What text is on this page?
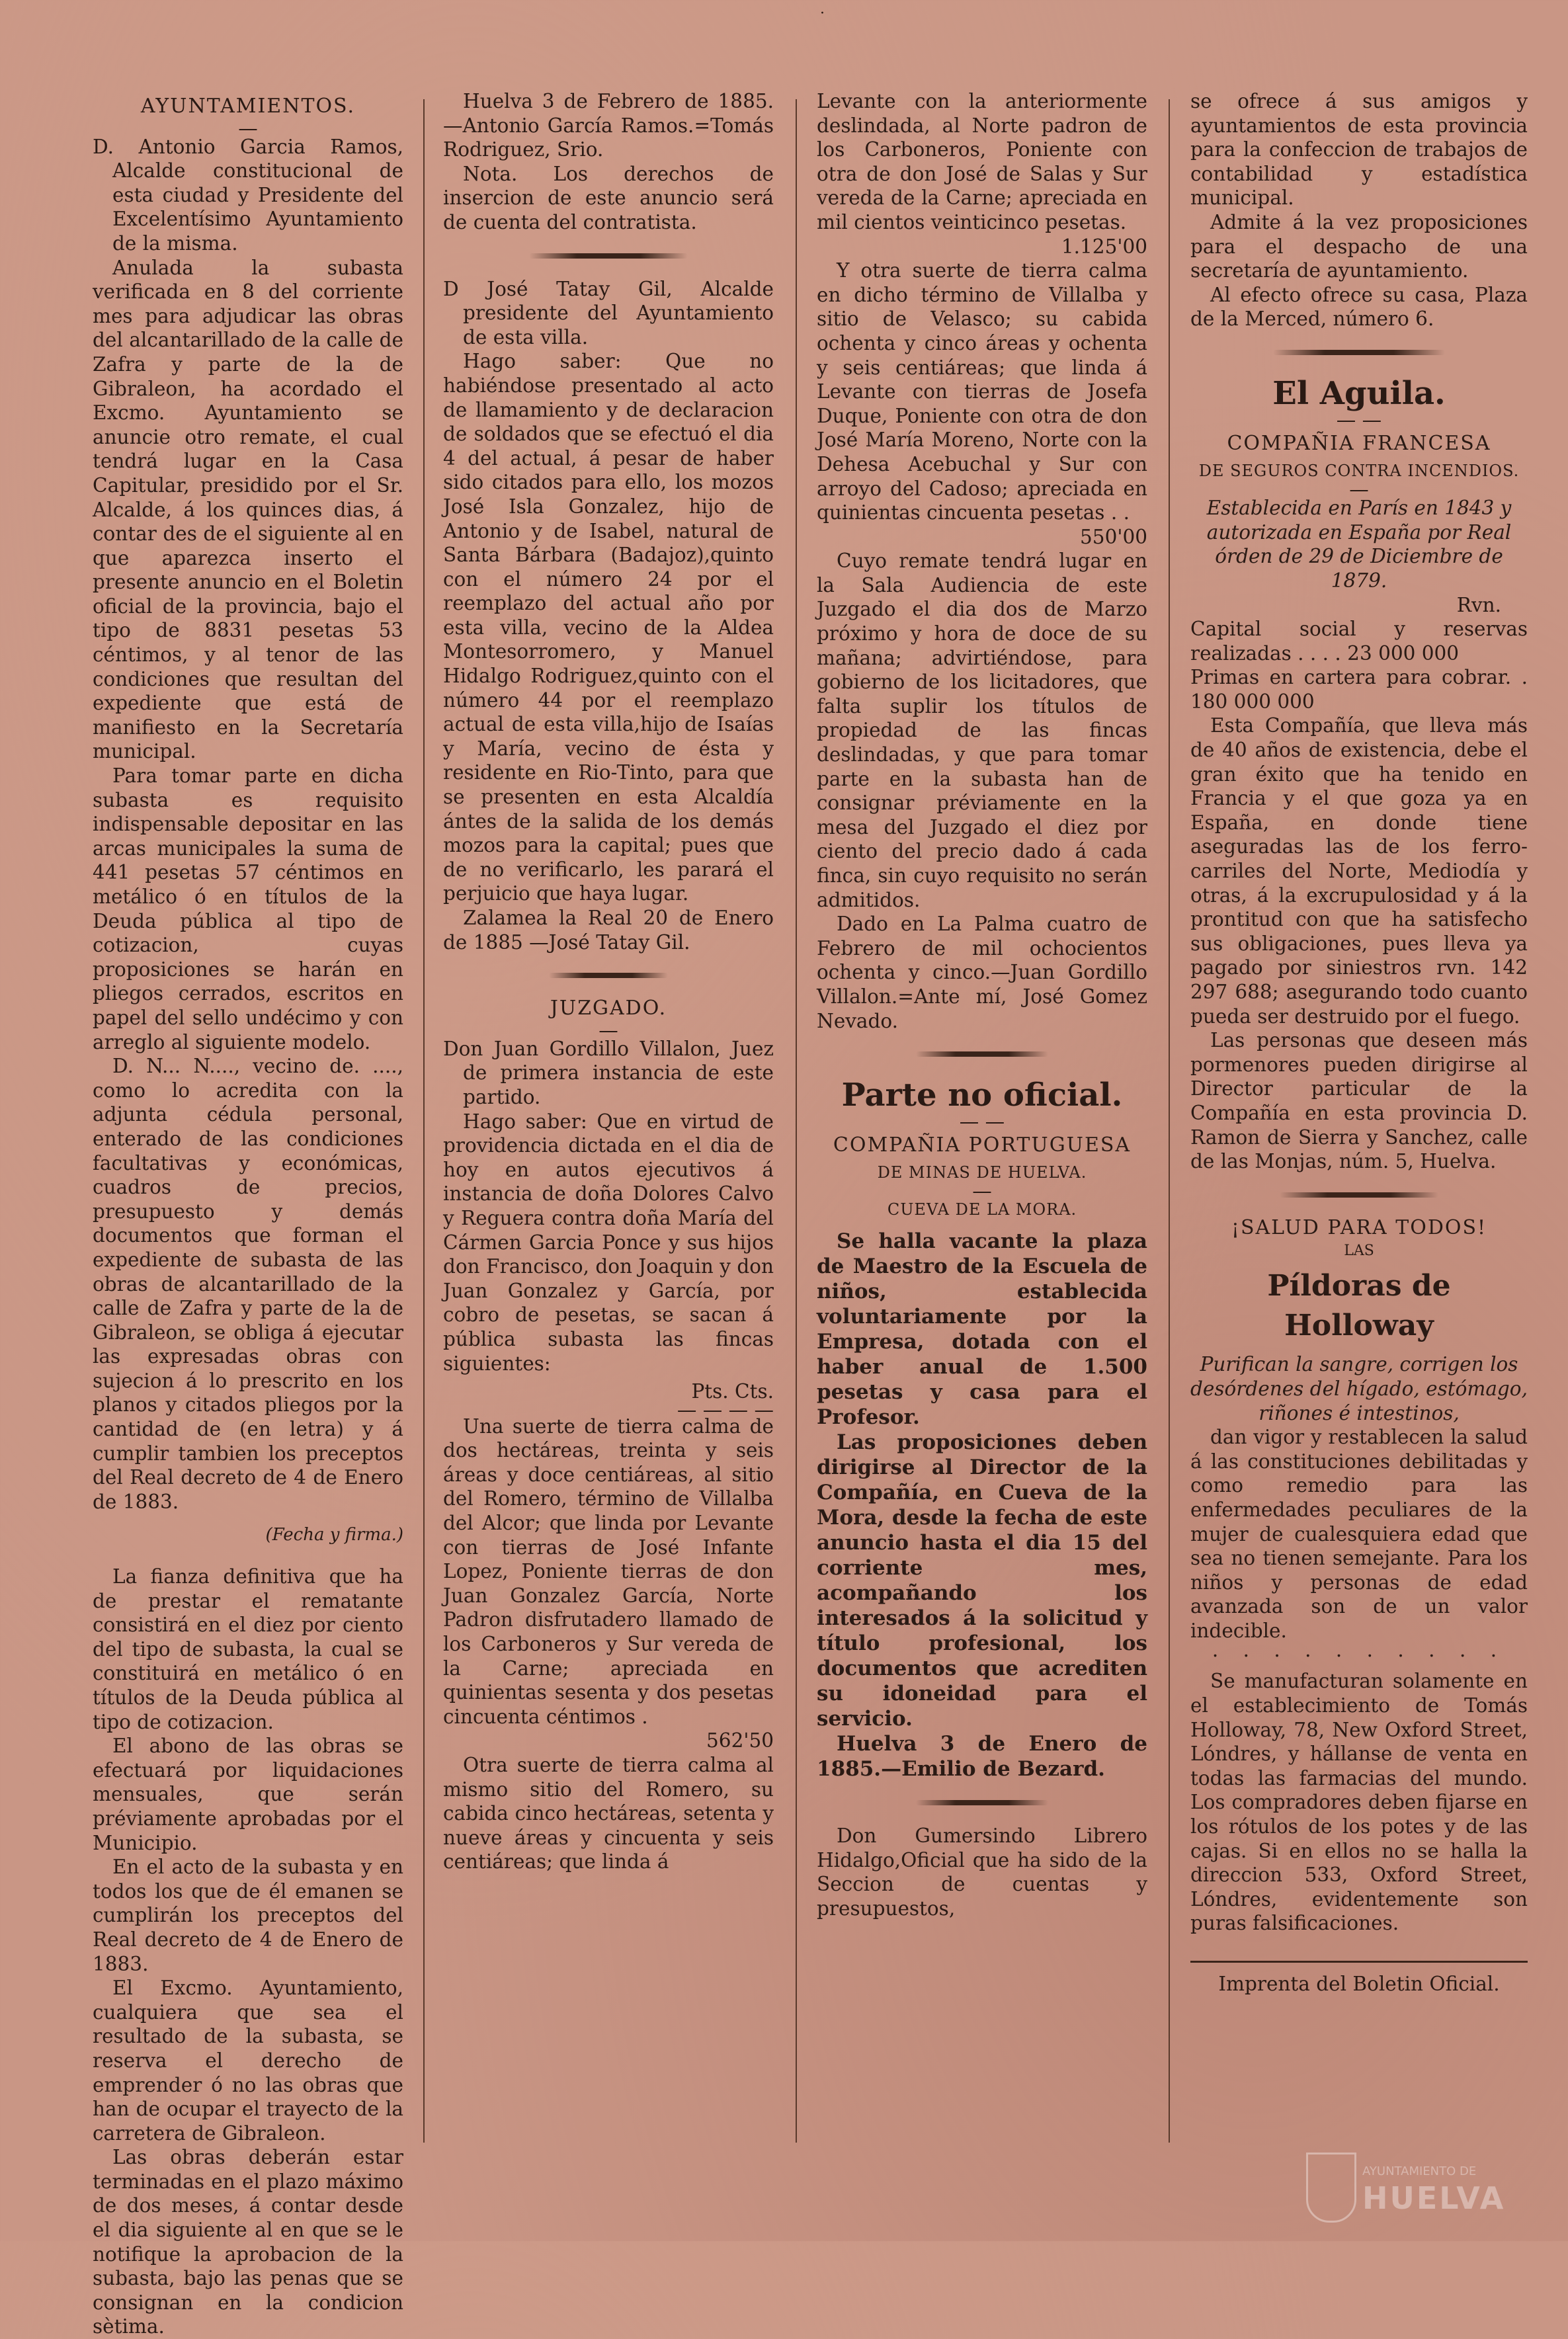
·
AYUNTAMIENTOS.
—

D. Antonio Garcia Ramos, Alcalde constitucional de esta ciudad y Presidente del Excelentísimo Ayuntamiento de la misma.

Anulada la subasta verificada en 8 del corriente mes para adjudicar las obras del alcantarillado de la calle de Zafra y parte de la de Gibraleon, ha acordado el Excmo. Ayuntamiento se anuncie otro remate, el cual tendrá lugar en la Casa Capitular, presidido por el Sr. Alcalde, á los quinces dias, á contar des de el siguiente al en que aparezca inserto el presente anuncio en el Boletin oficial de la provincia, bajo el tipo de 8831 pesetas 53 céntimos, y al tenor de las condiciones que resultan del expediente que está de manifiesto en la Secretaría municipal.

Para tomar parte en dicha subasta es requisito indispensable depositar en las arcas municipales la suma de 441 pesetas 57 céntimos en metálico ó en títulos de la Deuda pública al tipo de cotizacion, cuyas proposiciones se harán en pliegos cerrados, escritos en papel del sello undécimo y con arreglo al siguiente modelo.

D. N... N...., vecino de. ...., como lo acredita con la adjunta cédula personal, enterado de las condiciones facultativas y económicas, cuadros de precios, presupuesto y demás documentos que forman el expediente de subasta de las obras de alcantarillado de la calle de Zafra y parte de la de Gibraleon, se obliga á ejecutar las expresadas obras con sujecion á lo prescrito en los planos y citados pliegos por la cantidad de (en letra) y á cumplir tambien los preceptos del Real decreto de 4 de Enero de 1883.

(Fecha y firma.)

La fianza definitiva que ha de prestar el rematante consistirá en el diez por ciento del tipo de subasta, la cual se constituirá en metálico ó en títulos de la Deuda pública al tipo de cotizacion.

El abono de las obras se efectuará por liquidaciones mensuales, que serán préviamente aprobadas por el Municipio.

En el acto de la subasta y en todos los que de él emanen se cumplirán los preceptos del Real decreto de 4 de Enero de 1883.

El Excmo. Ayuntamiento, cualquiera que sea el resultado de la subasta, se reserva el derecho de emprender ó no las obras que han de ocupar el trayecto de la carretera de Gibraleon.

Las obras deberán estar terminadas en el plazo máximo de dos meses, á contar desde el dia siguiente al en que se le notifique la aprobacion de la subasta, bajo las penas que se consignan en la condicion sètima.

Huelva 3 de Febrero de 1885. —Antonio García Ramos.=Tomás Rodriguez, Srio.

Nota. Los derechos de insercion de este anuncio será de cuenta del contratista.

D José Tatay Gil, Alcalde presidente del Ayuntamiento de esta villa.

Hago saber: Que no habiéndose presentado al acto de llamamiento y de declaracion de soldados que se efectuó el dia 4 del actual, á pesar de haber sido citados para ello, los mozos José Isla Gonzalez, hijo de Antonio y de Isabel, natural de Santa Bárbara (Badajoz),quinto con el número 24 por el reemplazo del actual año por esta villa, vecino de la Aldea Montesorromero, y Manuel Hidalgo Rodriguez,quinto con el número 44 por el reemplazo actual de esta villa,hijo de Isaías y María, vecino de ésta y residente en Rio-Tinto, para que se presenten en esta Alcaldía ántes de la salida de los demás mozos para la capital; pues que de no verificarlo, les parará el perjuicio que haya lugar.

Zalamea la Real 20 de Enero de 1885 —José Tatay Gil.

JUZGADO.
—

Don Juan Gordillo Villalon, Juez de primera instancia de este partido.

Hago saber: Que en virtud de providencia dictada en el dia de hoy en autos ejecutivos á instancia de doña Dolores Calvo y Reguera contra doña María del Cármen Garcia Ponce y sus hijos don Francisco, don Joaquin y don Juan Gonzalez y García, por cobro de pesetas, se sacan á pública subasta las fincas siguientes:

Pts. Cts.
— — — —

Una suerte de tierra calma de dos hectáreas, treinta y seis áreas y doce centiáreas, al sitio del Romero, término de Villalba del Alcor; que linda por Levante con tierras de José Infante Lopez, Poniente tierras de don Juan Gonzalez García, Norte Padron disfrutadero llamado de los Carboneros y Sur vereda de la Carne; apreciada en quinientas sesenta y dos pesetas cincuenta céntimos .

562'50

Otra suerte de tierra calma al mismo sitio del Romero, su cabida cinco hectáreas, setenta y nueve áreas y cincuenta y seis centiáreas; que linda á

Levante con la anteriormente deslindada, al Norte padron de los Carboneros, Poniente con otra de don José de Salas y Sur vereda de la Carne; apreciada en mil cientos veinticinco pesetas.

1.125'00

Y otra suerte de tierra calma en dicho término de Villalba y sitio de Velasco; su cabida ochenta y cinco áreas y ochenta y seis centiáreas; que linda á Levante con tierras de Josefa Duque, Poniente con otra de don José María Moreno, Norte con la Dehesa Acebuchal y Sur con arroyo del Cadoso; apreciada en quinientas cincuenta pesetas . .

550'00

Cuyo remate tendrá lugar en la Sala Audiencia de este Juzgado el dia dos de Marzo próximo y hora de doce de su mañana; advirtiéndose, para gobierno de los licitadores, que falta suplir los títulos de propiedad de las fincas deslindadas, y que para tomar parte en la subasta han de consignar préviamente en la mesa del Juzgado el diez por ciento del precio dado á cada finca, sin cuyo requisito no serán admitidos.

Dado en La Palma cuatro de Febrero de mil ochocientos ochenta y cinco.—Juan Gordillo Villalon.=Ante mí, José Gomez Nevado.

Parte no oficial.
— —
COMPAÑIA PORTUGUESA
DE MINAS DE HUELVA.
—
CUEVA DE LA MORA.

Se halla vacante la plaza de Maestro de la Escuela de niños, establecida voluntariamente por la Empresa, dotada con el haber anual de 1.500 pesetas y casa para el Profesor.

Las proposiciones deben dirigirse al Director de la Compañía, en Cueva de la Mora, desde la fecha de este anuncio hasta el dia 15 del corriente mes, acompañando los interesados á la solicitud y título profesional, los documentos que acrediten su idoneidad para el servicio.

Huelva 3 de Enero de 1885.—Emilio de Bezard.

Don Gumersindo Librero Hidalgo,Oficial que ha sido de la Seccion de cuentas y presupuestos,

se ofrece á sus amigos y ayuntamientos de esta provincia para la confeccion de trabajos de contabilidad y estadística municipal.

Admite á la vez proposiciones para el despacho de una secretaría de ayuntamiento.

Al efecto ofrece su casa, Plaza de la Merced, número 6.

El Aguila.
— —
COMPAÑIA FRANCESA
DE SEGUROS CONTRA INCENDIOS.
—

Establecida en París en 1843 y autorizada en España por Real órden de 29 de Diciembre de 1879.

Rvn.

Capital social y reservas realizadas . . . . 23 000 000

Primas en cartera para cobrar. . 180 000 000

Esta Compañía, que lleva más de 40 años de existencia, debe el gran éxito que ha tenido en Francia y el que goza ya en España, en donde tiene aseguradas las de los ferro-carriles del Norte, Mediodía y otras, á la excrupulosidad y á la prontitud con que ha satisfecho sus obligaciones, pues lleva ya pagado por siniestros rvn. 142 297 688; asegurando todo cuanto pueda ser destruido por el fuego.

Las personas que deseen más pormenores pueden dirigirse al Director particular de la Compañía en esta provincia D. Ramon de Sierra y Sanchez, calle de las Monjas, núm. 5, Huelva.

¡SALUD PARA TODOS!
LAS
Píldoras de Holloway

Purifican la sangre, corrigen los desórdenes del hígado, estómago, riñones é intestinos,

dan vigor y restablecen la salud á las constituciones debilitadas y como remedio para las enfermedades peculiares de la mujer de cualesquiera edad que sea no tienen semejante. Para los niños y personas de edad avanzada son de un valor indecible.

· · · · · · · · · ·

Se manufacturan solamente en el establecimiento de Tomás Holloway, 78, New Oxford Street, Lóndres, y hállanse de venta en todas las farmacias del mundo. Los compradores deben fijarse en los rótulos de los potes y de las cajas. Si en ellos no se halla la direccion 533, Oxford Street, Lóndres, evidentemente son puras falsificaciones.

Imprenta del Boletin Oficial.
AYUNTAMIENTO DE
HUELVA
